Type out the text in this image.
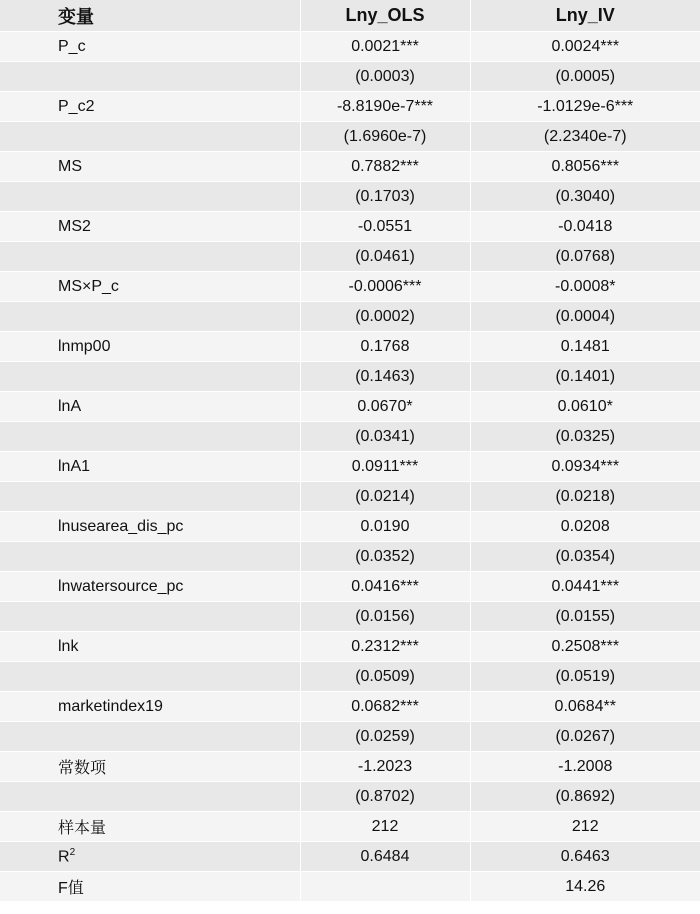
变量	Lny_OLS	Lny_IV
P_c	0.0021***	0.0024***
	(0.0003)	(0.0005)
P_c2	-8.8190e-7***	-1.0129e-6***
	(1.6960e-7)	(2.2340e-7)
MS	0.7882***	0.8056***
	(0.1703)	(0.3040)
MS2	-0.0551	-0.0418
	(0.0461)	(0.0768)
MS×P_c	-0.0006***	-0.0008*
	(0.0002)	(0.0004)
lnmp00	0.1768	0.1481
	(0.1463)	(0.1401)
lnA	0.0670*	0.0610*
	(0.0341)	(0.0325)
lnA1	0.0911***	0.0934***
	(0.0214)	(0.0218)
lnusearea_dis_pc	0.0190	0.0208
	(0.0352)	(0.0354)
lnwatersource_pc	0.0416***	0.0441***
	(0.0156)	(0.0155)
lnk	0.2312***	0.2508***
	(0.0509)	(0.0519)
marketindex19	0.0682***	0.0684**
	(0.0259)	(0.0267)
常数项	-1.2023	-1.2008
	(0.8702)	(0.8692)
样本量	212	212
$R^2$	0.6484	0.6463
F值		14.26
